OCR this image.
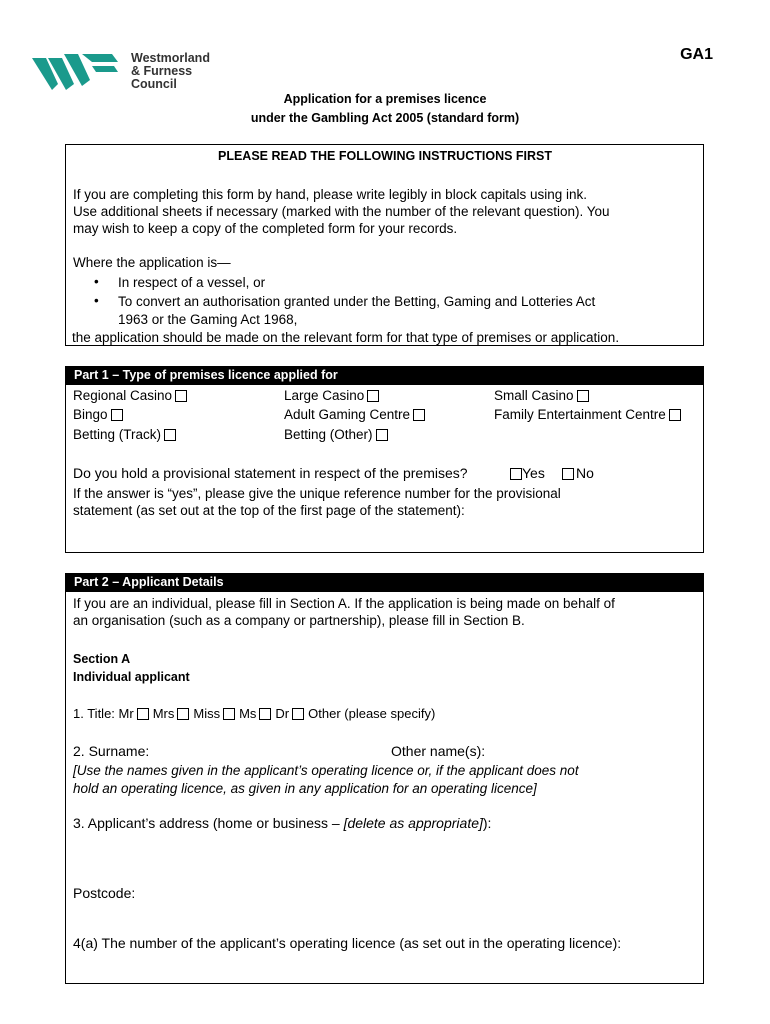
Westmorland
& Furness
Council
GA1
Application for a premises licence
under the Gambling Act 2005 (standard form)
PLEASE READ THE FOLLOWING INSTRUCTIONS FIRST
If you are completing this form by hand, please write legibly in block capitals using ink.
Use additional sheets if necessary (marked with the number of the relevant question). You
may wish to keep a copy of the completed form for your records.
Where the application is—
• In respect of a vessel, or
• To convert an authorisation granted under the Betting, Gaming and Lotteries Act
1963 or the Gaming Act 1968,
the application should be made on the relevant form for that type of premises or application.
Part 1 – Type of premises licence applied for
Regional Casino	Large Casino	Small Casino
Bingo	Adult Gaming Centre	Family Entertainment Centre
Betting (Track)	Betting (Other)
Do you hold a provisional statement in respect of the premises?	Yes	No
If the answer is “yes”, please give the unique reference number for the provisional
statement (as set out at the top of the first page of the statement):
Part 2 – Applicant Details
If you are an individual, please fill in Section A. If the application is being made on behalf of
an organisation (such as a company or partnership), please fill in Section B.
Section A
Individual applicant
1. Title: Mr Mrs Miss Ms Dr Other (please specify)
2. Surname:	Other name(s):
[Use the names given in the applicant’s operating licence or, if the applicant does not
hold an operating licence, as given in any application for an operating licence]
3. Applicant’s address (home or business – [delete as appropriate]):
Postcode:
4(a) The number of the applicant’s operating licence (as set out in the operating licence):
